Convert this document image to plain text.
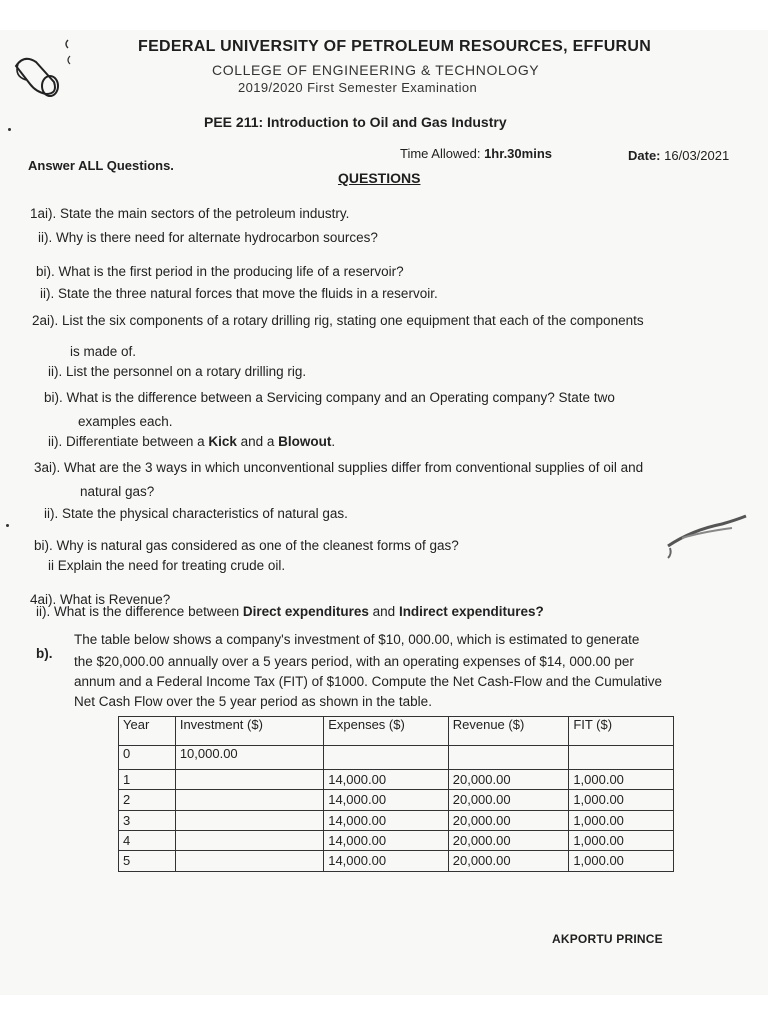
FEDERAL UNIVERSITY OF PETROLEUM RESOURCES, EFFURUN
COLLEGE OF ENGINEERING & TECHNOLOGY
2019/2020 First Semester Examination
PEE 211: Introduction to Oil and Gas Industry
Answer ALL Questions.
Time Allowed: 1hr.30mins	Date: 16/03/2021
QUESTIONS
1ai). State the main sectors of the petroleum industry.
ii). Why is there need for alternate hydrocarbon sources?
bi). What is the first period in the producing life of a reservoir?
ii). State the three natural forces that move the fluids in a reservoir.
2ai). List the six components of a rotary drilling rig, stating one equipment that each of the components
is made of.
ii). List the personnel on a rotary drilling rig.
bi). What is the difference between a Servicing company and an Operating company? State two
examples each.
ii). Differentiate between a Kick and a Blowout.
3ai). What are the 3 ways in which unconventional supplies differ from conventional supplies of oil and
natural gas?
ii). State the physical characteristics of natural gas.
bi). Why is natural gas considered as one of the cleanest forms of gas?
ii Explain the need for treating crude oil.
4ai). What is Revenue?
ii). What is the difference between Direct expenditures and Indirect expenditures?
b).
The table below shows a company's investment of $10, 000.00, which is estimated to generate
the $20,000.00 annually over a 5 years period, with an operating expenses of $14, 000.00 per
annum and a Federal Income Tax (FIT) of $1000. Compute the Net Cash-Flow and the Cumulative
Net Cash Flow over the 5 year period as shown in the table.
Year	Investment ($)	Expenses ($)	Revenue ($)	FIT ($)
0	10,000.00			
1		14,000.00	20,000.00	1,000.00
2		14,000.00	20,000.00	1,000.00
3		14,000.00	20,000.00	1,000.00
4		14,000.00	20,000.00	1,000.00
5		14,000.00	20,000.00	1,000.00
AKPORTU PRINCE
